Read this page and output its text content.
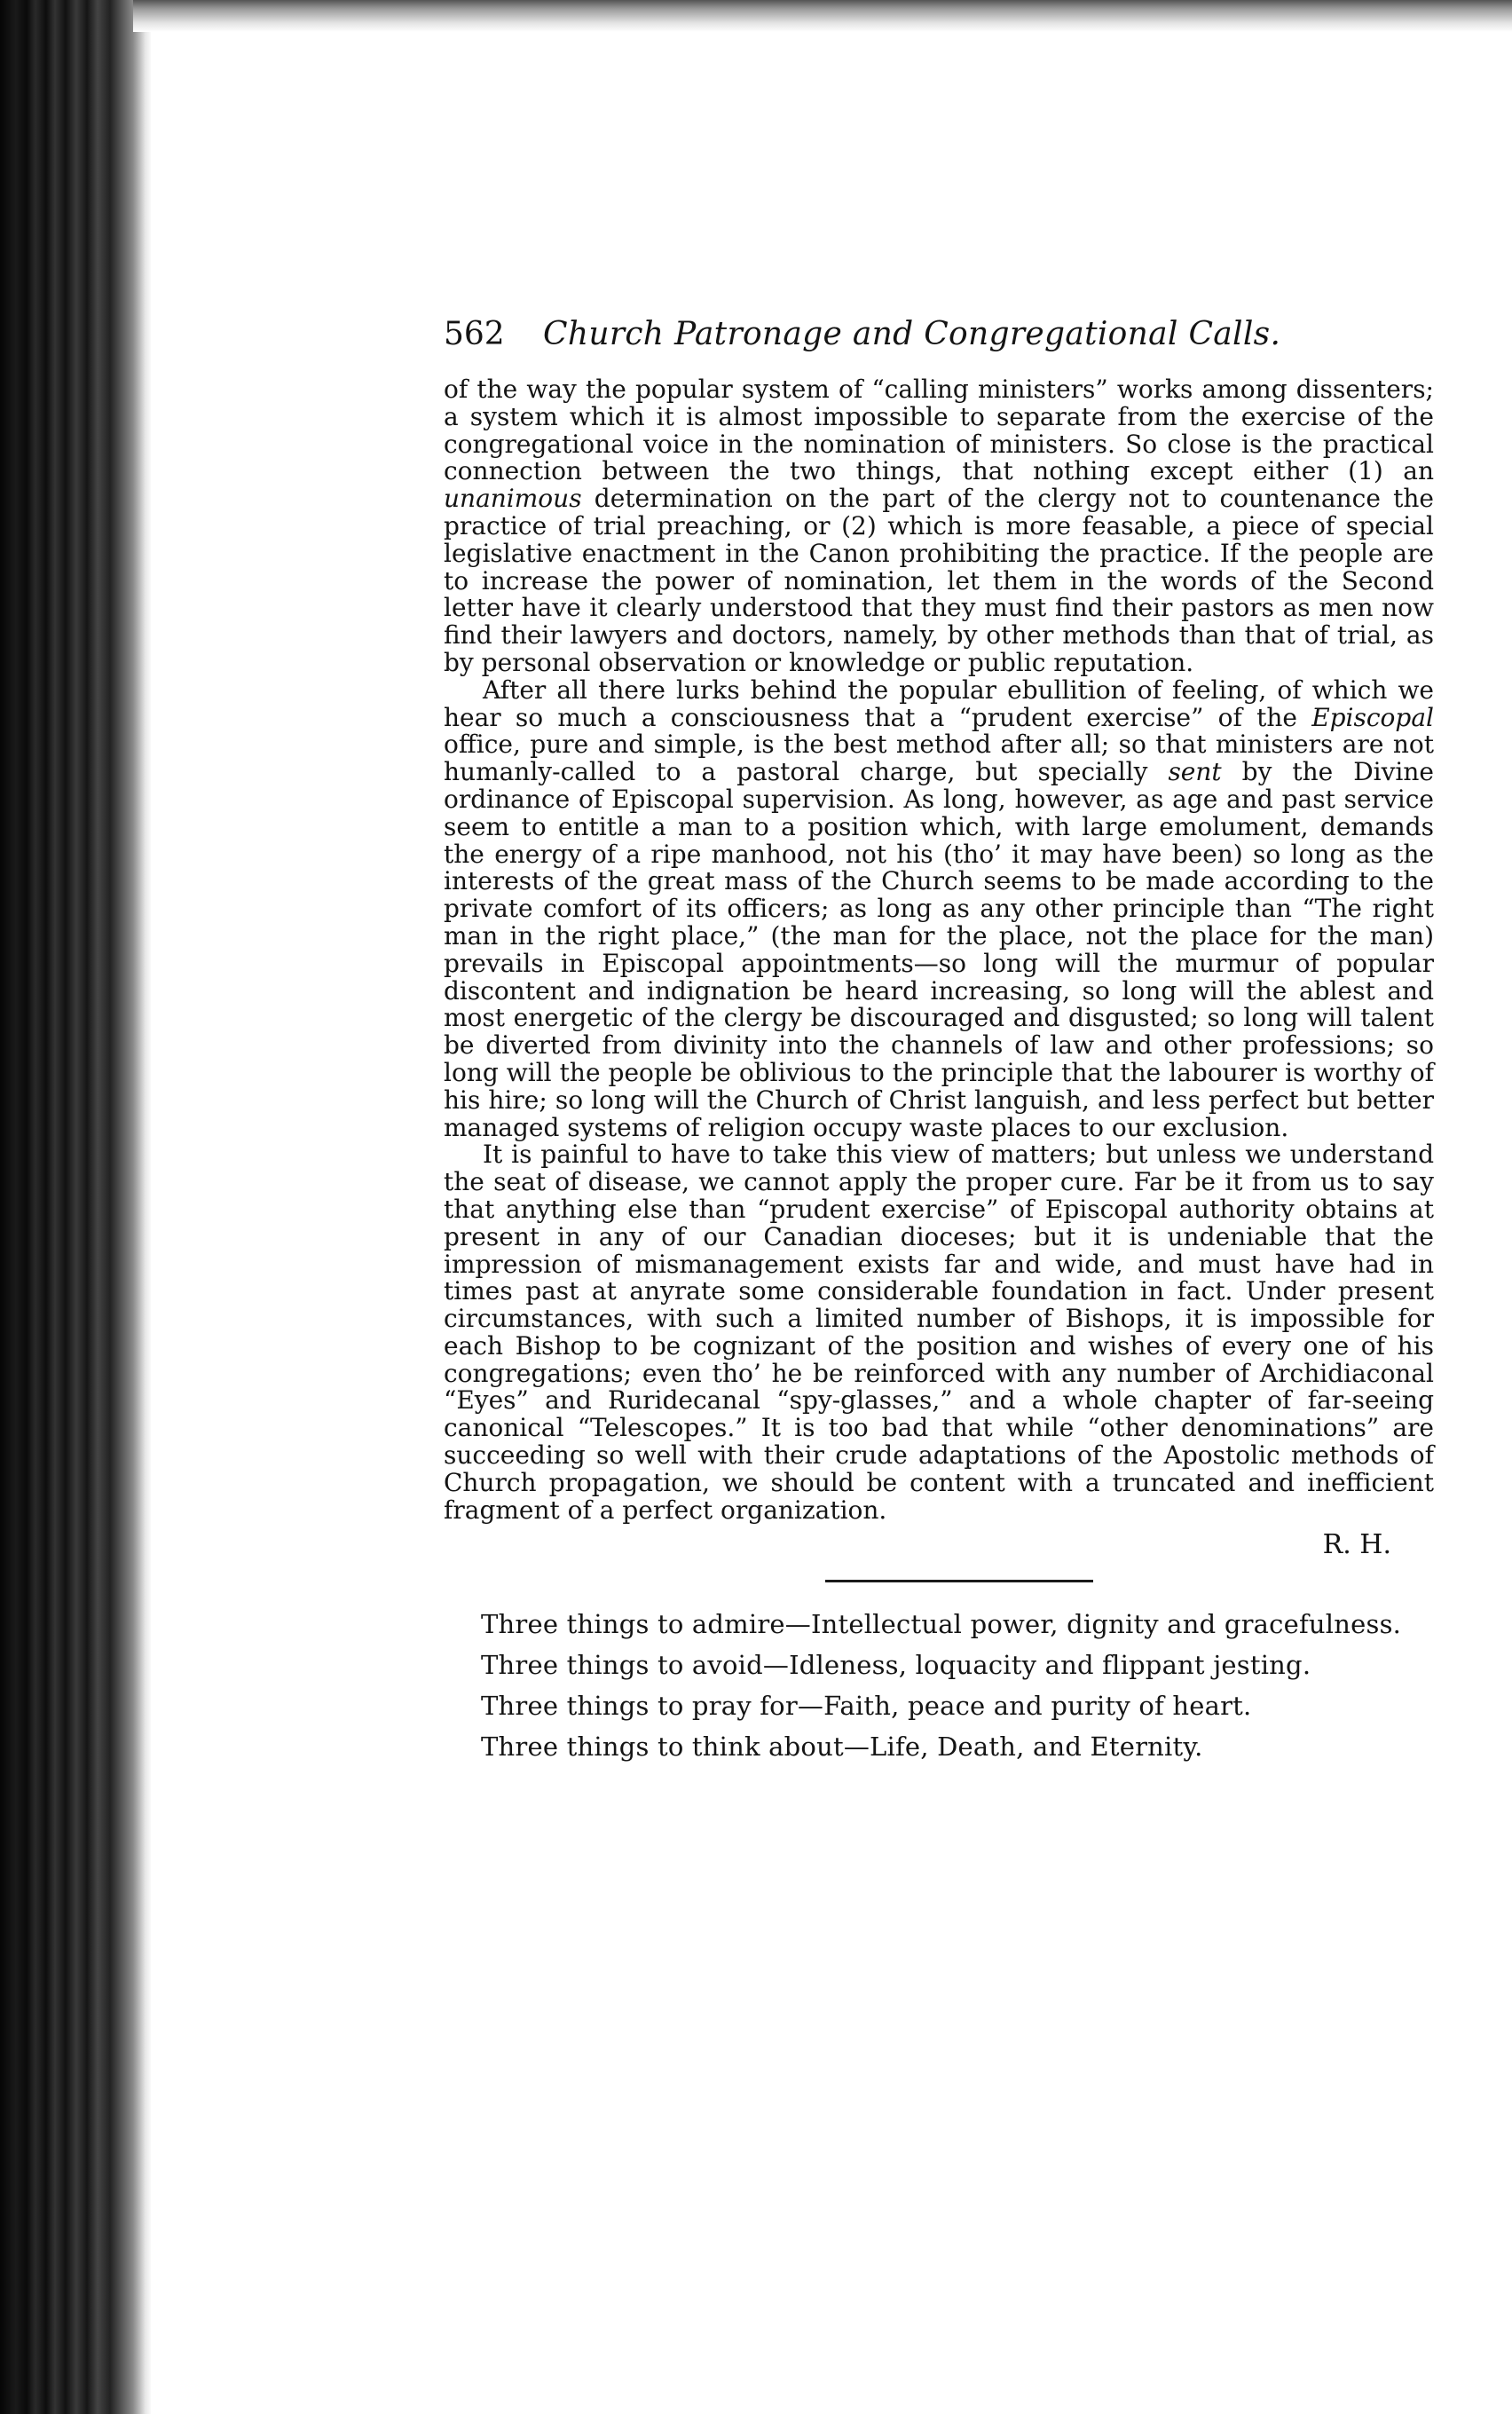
562	Church Patronage and Congregational Calls.

of the way the popular system of “calling ministers” works among dissenters; a system which it is almost impossible to separate from the exercise of the congregational voice in the nomination of ministers. So close is the practical connection between the two things, that nothing except either (1) an unanimous determination on the part of the clergy not to countenance the practice of trial preaching, or (2) which is more feasable, a piece of special legislative enactment in the Canon prohibiting the practice. If the people are to increase the power of nomination, let them in the words of the Second letter have it clearly understood that they must find their pastors as men now find their lawyers and doctors, namely, by other methods than that of trial, as by personal observation or knowledge or public reputation.

After all there lurks behind the popular ebullition of feeling, of which we hear so much a consciousness that a “prudent exercise” of the Episcopal office, pure and simple, is the best method after all; so that ministers are not humanly-called to a pastoral charge, but specially sent by the Divine ordinance of Episcopal supervision. As long, however, as age and past service seem to entitle a man to a position which, with large emolument, demands the energy of a ripe manhood, not his (tho’ it may have been) so long as the interests of the great mass of the Church seems to be made according to the private comfort of its officers; as long as any other principle than “The right man in the right place,” (the man for the place, not the place for the man) prevails in Episcopal appointments—so long will the murmur of popular discontent and indignation be heard increasing, so long will the ablest and most energetic of the clergy be discouraged and disgusted; so long will talent be diverted from divinity into the channels of law and other professions; so long will the people be oblivious to the principle that the labourer is worthy of his hire; so long will the Church of Christ languish, and less perfect but better managed systems of religion occupy waste places to our exclusion.

It is painful to have to take this view of matters; but unless we understand the seat of disease, we cannot apply the proper cure. Far be it from us to say that anything else than “prudent exercise” of Episcopal authority obtains at present in any of our Canadian dioceses; but it is undeniable that the impression of mismanagement exists far and wide, and must have had in times past at anyrate some considerable foundation in fact. Under present circumstances, with such a limited number of Bishops, it is impossible for each Bishop to be cognizant of the position and wishes of every one of his congregations; even tho’ he be reinforced with any number of Archidiaconal “Eyes” and Ruridecanal “spy-glasses,” and a whole chapter of far-seeing canonical “Telescopes.” It is too bad that while “other denominations” are succeeding so well with their crude adaptations of the Apostolic methods of Church propagation, we should be content with a truncated and inefficient fragment of a perfect organization.

R. H.

Three things to admire—Intellectual power, dignity and gracefulness.
Three things to avoid—Idleness, loquacity and flippant jesting.
Three things to pray for—Faith, peace and purity of heart.
Three things to think about—Life, Death, and Eternity.
